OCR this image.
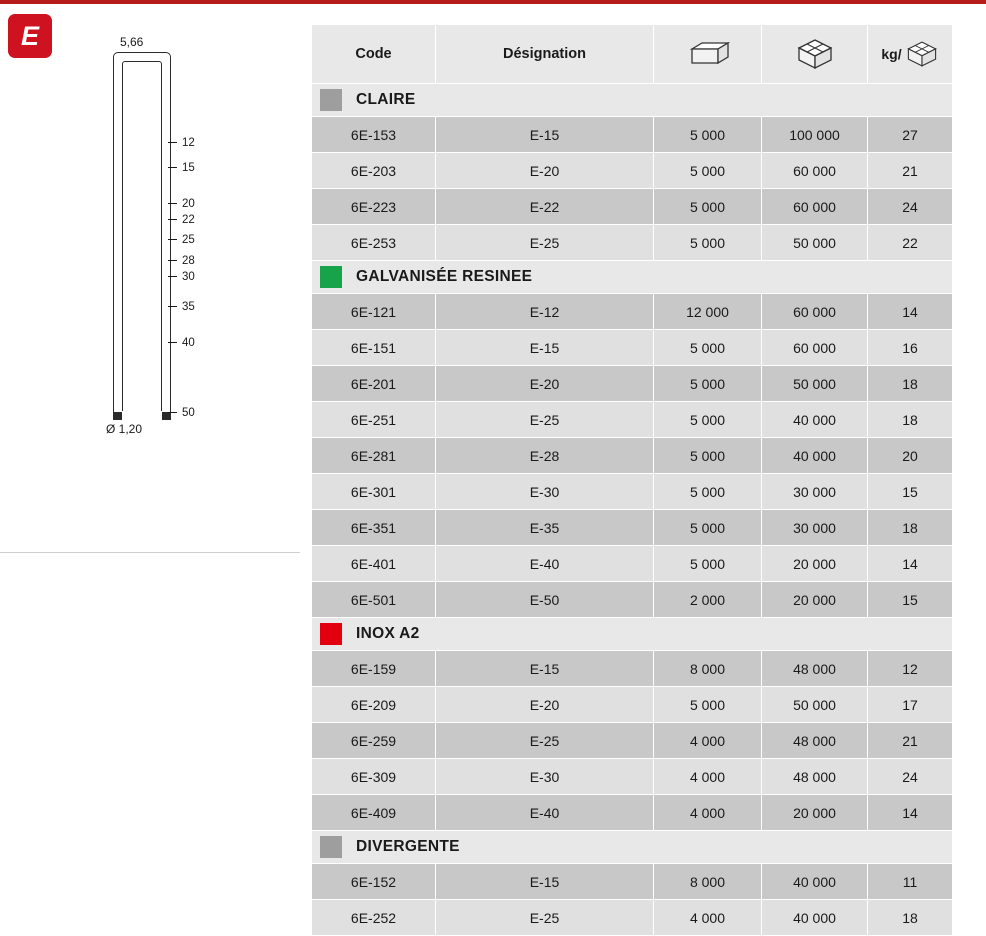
E	5,66
12
15
20
22
25
28
30
35
40
50
Ø 1,20
Code	Désignation			kg/

CLAIRE				

6E-153	E-15	5 000	100 000	27
6E-203	E-20	5 000	60 000	21
6E-223	E-22	5 000	60 000	24
6E-253	E-25	5 000	50 000	22

GALVANISÉE RESINEE				

6E-121	E-12	12 000	60 000	14
6E-151	E-15	5 000	60 000	16
6E-201	E-20	5 000	50 000	18
6E-251	E-25	5 000	40 000	18
6E-281	E-28	5 000	40 000	20
6E-301	E-30	5 000	30 000	15
6E-351	E-35	5 000	30 000	18
6E-401	E-40	5 000	20 000	14
6E-501	E-50	2 000	20 000	15

INOX A2				

6E-159	E-15	8 000	48 000	12
6E-209	E-20	5 000	50 000	17
6E-259	E-25	4 000	48 000	21
6E-309	E-30	4 000	48 000	24
6E-409	E-40	4 000	20 000	14

DIVERGENTE				

6E-152	E-15	8 000	40 000	11
6E-252	E-25	4 000	40 000	18
